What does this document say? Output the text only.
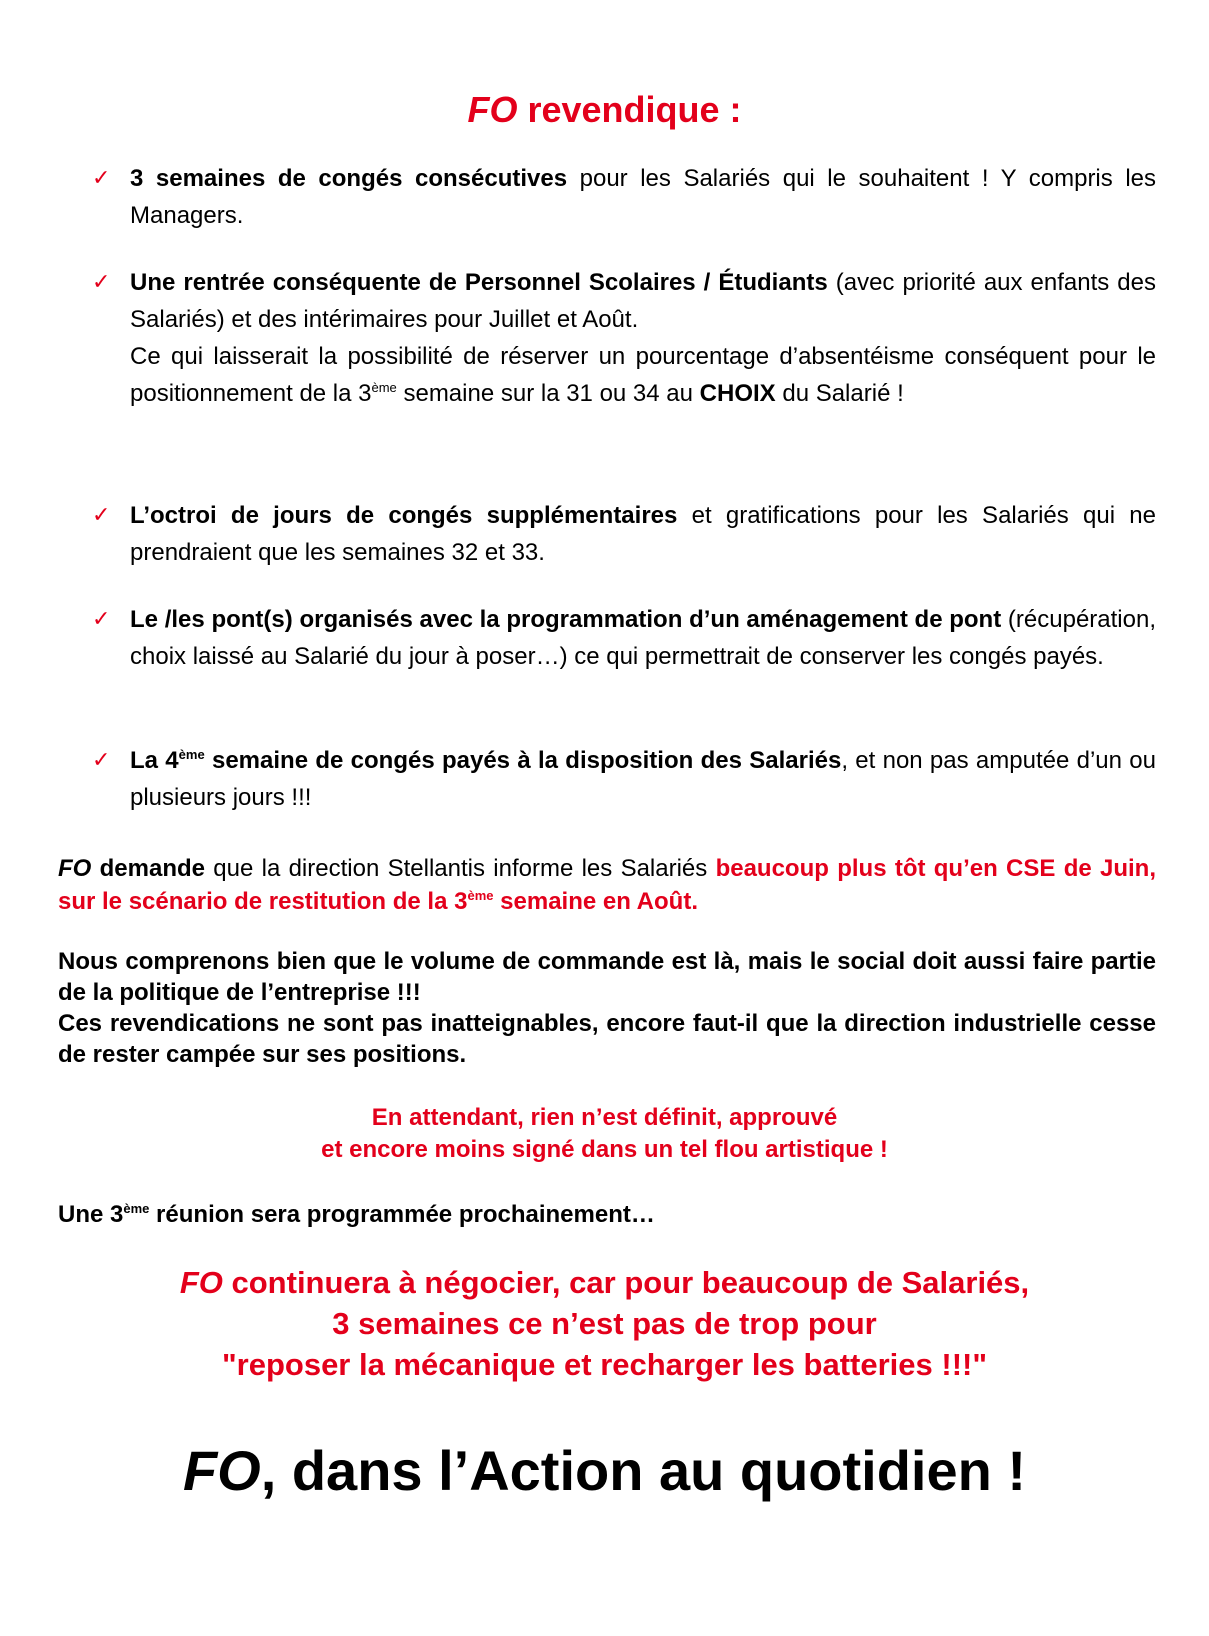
FO revendique :
✓ 3 semaines de congés consécutives pour les Salariés qui le souhaitent ! Y compris les Managers.
✓ Une rentrée conséquente de Personnel Scolaires / Étudiants (avec priorité aux enfants des Salariés) et des intérimaires pour Juillet et Août.
Ce qui laisserait la possibilité de réserver un pourcentage d’absentéisme conséquent pour le positionnement de la 3ème semaine sur la 31 ou 34 au CHOIX du Salarié !
✓ L’octroi de jours de congés supplémentaires et gratifications pour les Salariés qui ne prendraient que les semaines 32 et 33.
✓ Le /les pont(s) organisés avec la programmation d’un aménagement de pont (récupération, choix laissé au Salarié du jour à poser…) ce qui permettrait de conserver les congés payés.
✓ La 4ème semaine de congés payés à la disposition des Salariés, et non pas amputée d’un ou plusieurs jours !!!
FO demande que la direction Stellantis informe les Salariés beaucoup plus tôt qu’en CSE de Juin, sur le scénario de restitution de la 3ème semaine en Août.
Nous comprenons bien que le volume de commande est là, mais le social doit aussi faire partie de la politique de l’entreprise !!!
Ces revendications ne sont pas inatteignables, encore faut-il que la direction industrielle cesse de rester campée sur ses positions.
En attendant, rien n’est définit, approuvé
et encore moins signé dans un tel flou artistique !
Une 3ème réunion sera programmée prochainement…
FO continuera à négocier, car pour beaucoup de Salariés,
3 semaines ce n’est pas de trop pour
"reposer la mécanique et recharger les batteries !!!"
FO, dans l’Action au quotidien !
